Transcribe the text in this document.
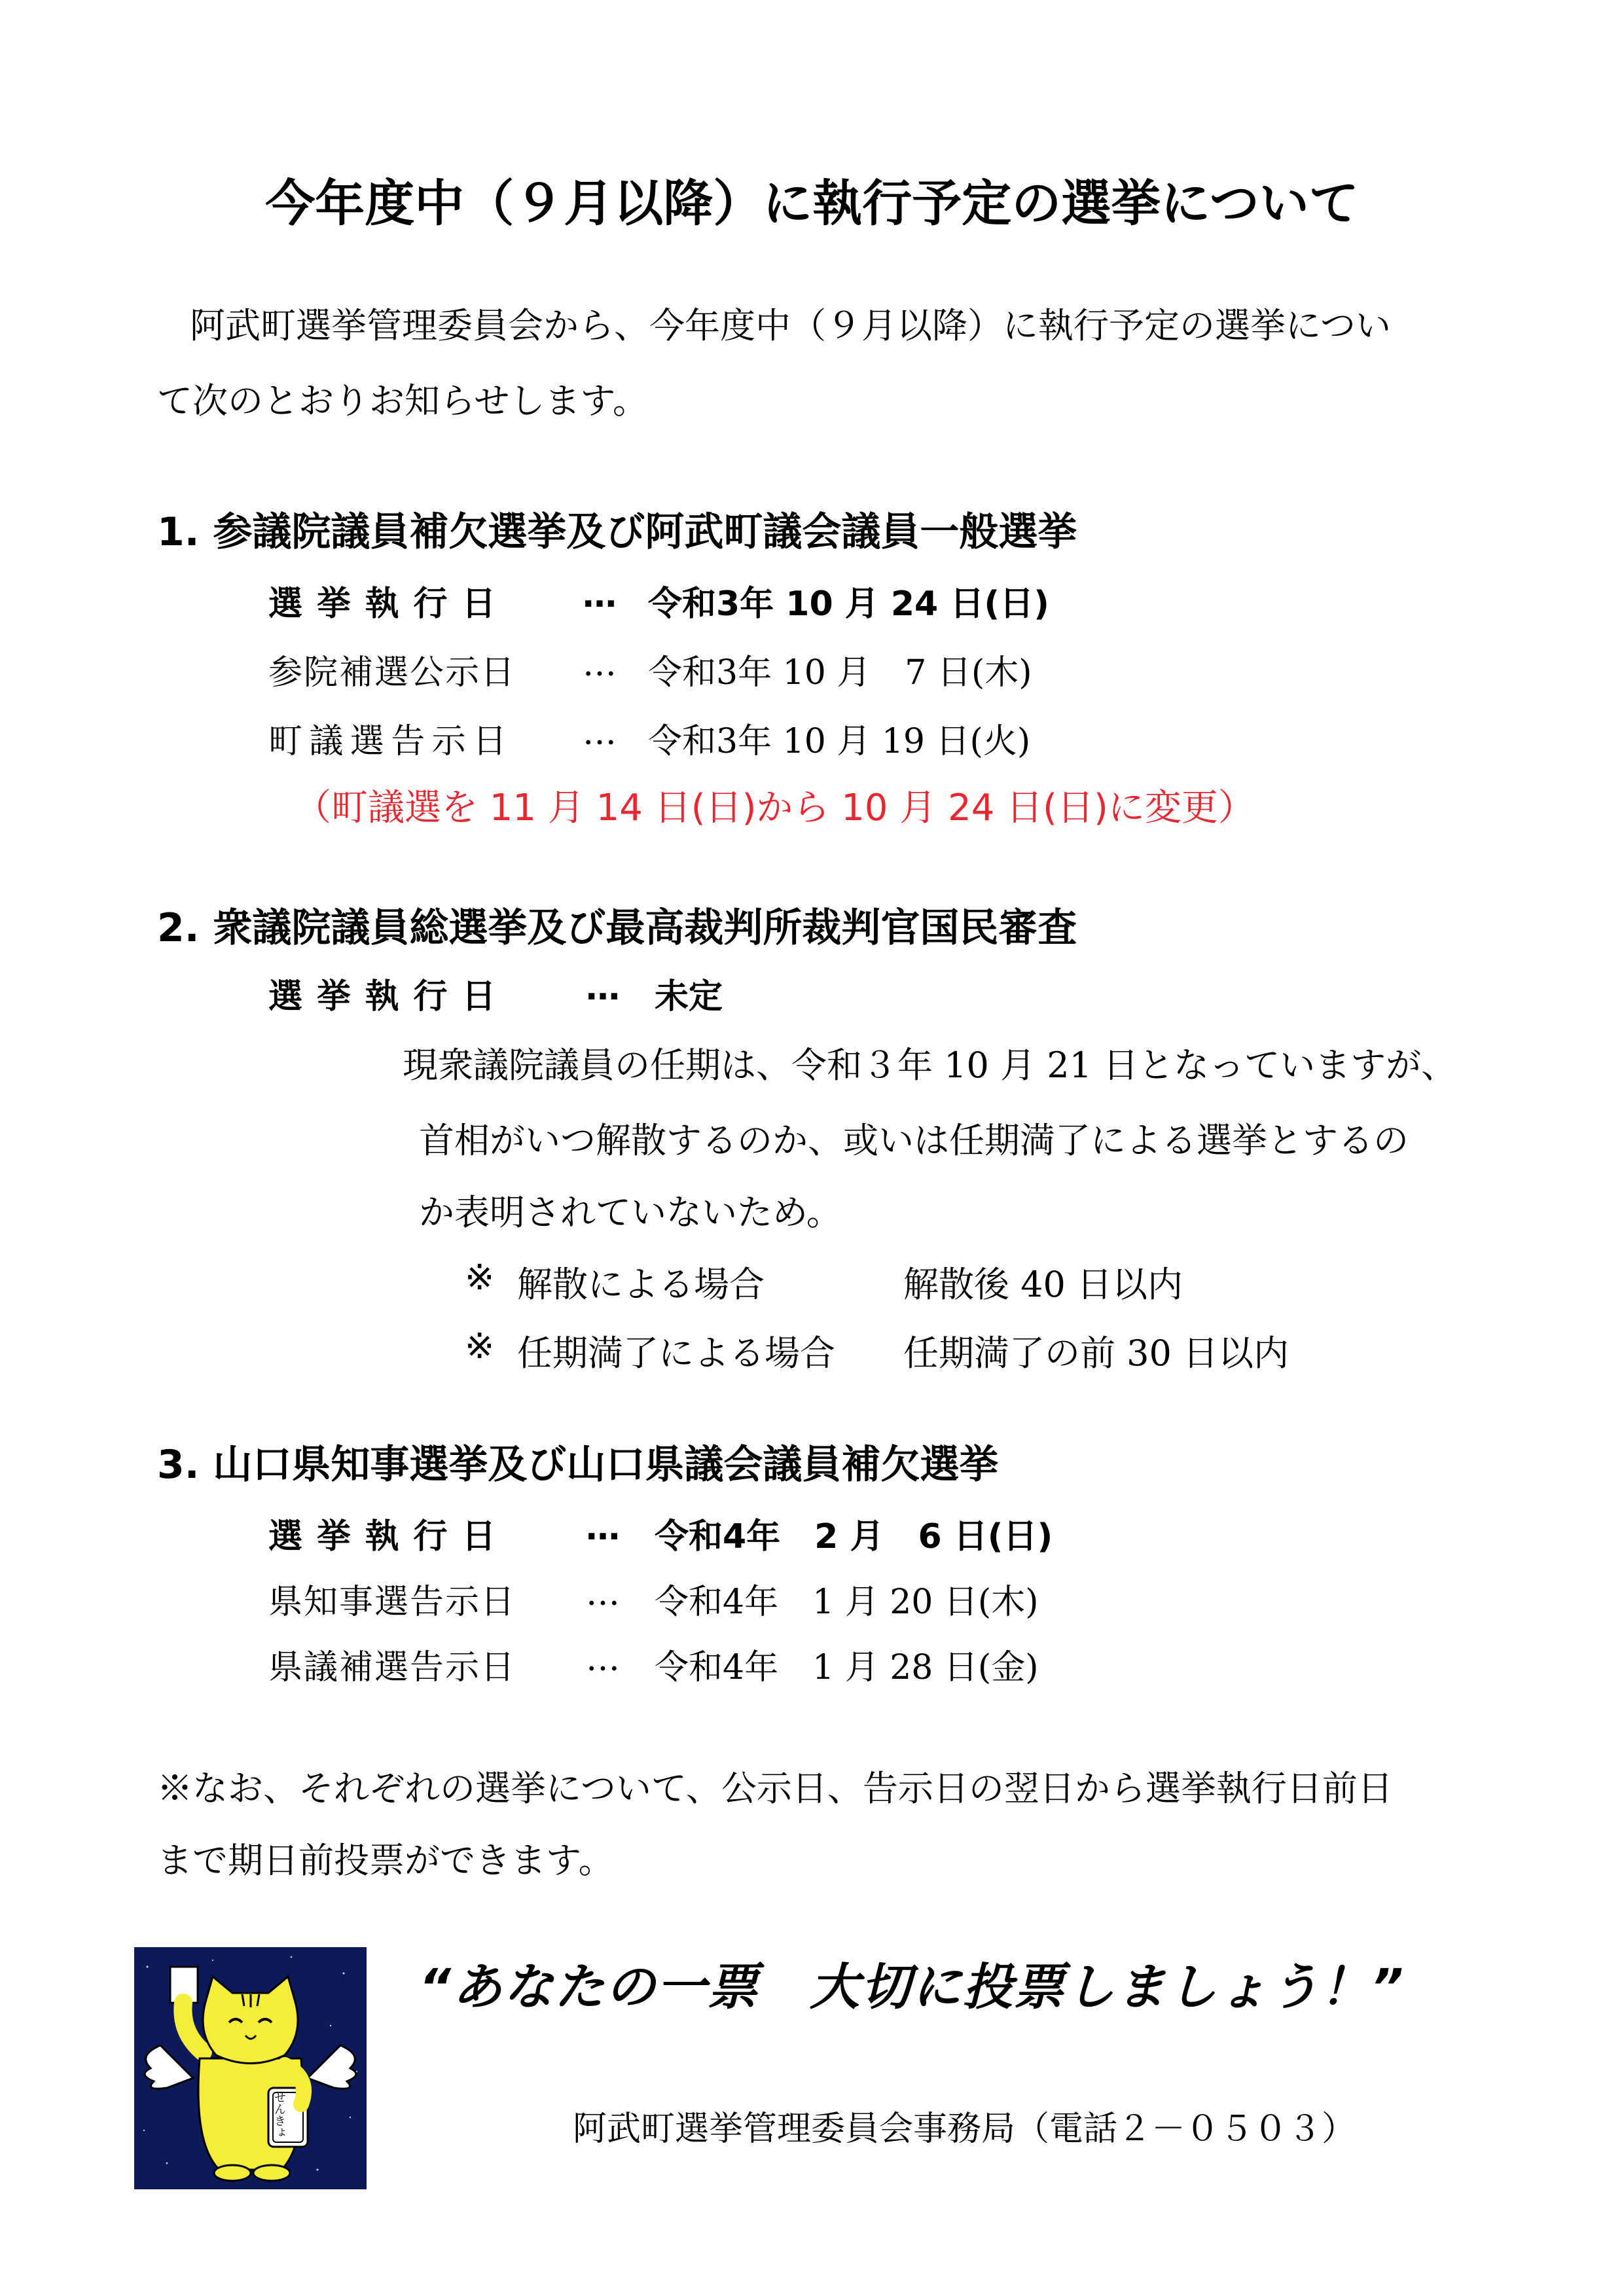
今年度中（９月以降）に執行予定の選挙について
阿武町選挙管理委員会から、今年度中（９月以降）に執行予定の選挙につい
て次のとおりお知らせします。
1. 参議院議員補欠選挙及び阿武町議会議員一般選挙
選挙執行日 … 令和3年 10 月 24 日(日)
参院補選公示日 … 令和3年 10 月　7 日(木)
町議選告示日 … 令和3年 10 月 19 日(火)
（町議選を 11 月 14 日(日)から 10 月 24 日(日)に変更）
2. 衆議院議員総選挙及び最高裁判所裁判官国民審査
選挙執行日 … 未定
現衆議院議員の任期は、令和３年 10 月 21 日となっていますが、
首相がいつ解散するのか、或いは任期満了による選挙とするの
か表明されていないため。
※ 解散による場合	解散後 40 日以内
※ 任期満了による場合 任期満了の前 30 日以内
3. 山口県知事選挙及び山口県議会議員補欠選挙
選挙執行日 … 令和4年　2 月　6 日(日)
県知事選告示日 … 令和4年　1 月 20 日(木)
県議補選告示日 … 令和4年　1 月 28 日(金)
※なお、それぞれの選挙について、公示日、告示日の翌日から選挙執行日前日
まで期日前投票ができます。
せんきょ
“あなたの一票　大切に投票しましょう！”
阿武町選挙管理委員会事務局（電話２－０５０３）
